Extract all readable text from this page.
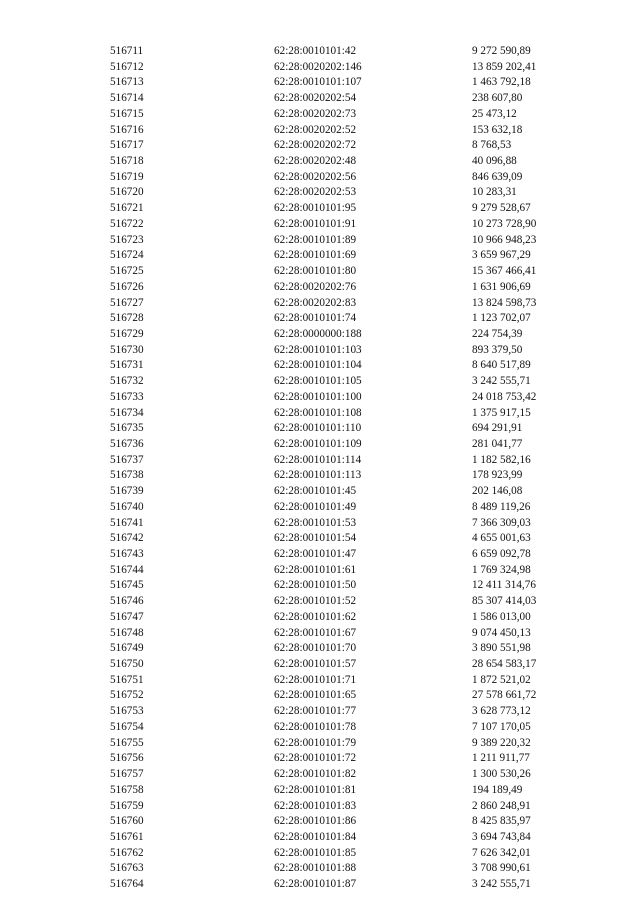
516711	62:28:0010101:42	9 272 590,89
516712	62:28:0020202:146	13 859 202,41
516713	62:28:0010101:107	1 463 792,18
516714	62:28:0020202:54	238 607,80
516715	62:28:0020202:73	25 473,12
516716	62:28:0020202:52	153 632,18
516717	62:28:0020202:72	8 768,53
516718	62:28:0020202:48	40 096,88
516719	62:28:0020202:56	846 639,09
516720	62:28:0020202:53	10 283,31
516721	62:28:0010101:95	9 279 528,67
516722	62:28:0010101:91	10 273 728,90
516723	62:28:0010101:89	10 966 948,23
516724	62:28:0010101:69	3 659 967,29
516725	62:28:0010101:80	15 367 466,41
516726	62:28:0020202:76	1 631 906,69
516727	62:28:0020202:83	13 824 598,73
516728	62:28:0010101:74	1 123 702,07
516729	62:28:0000000:188	224 754,39
516730	62:28:0010101:103	893 379,50
516731	62:28:0010101:104	8 640 517,89
516732	62:28:0010101:105	3 242 555,71
516733	62:28:0010101:100	24 018 753,42
516734	62:28:0010101:108	1 375 917,15
516735	62:28:0010101:110	694 291,91
516736	62:28:0010101:109	281 041,77
516737	62:28:0010101:114	1 182 582,16
516738	62:28:0010101:113	178 923,99
516739	62:28:0010101:45	202 146,08
516740	62:28:0010101:49	8 489 119,26
516741	62:28:0010101:53	7 366 309,03
516742	62:28:0010101:54	4 655 001,63
516743	62:28:0010101:47	6 659 092,78
516744	62:28:0010101:61	1 769 324,98
516745	62:28:0010101:50	12 411 314,76
516746	62:28:0010101:52	85 307 414,03
516747	62:28:0010101:62	1 586 013,00
516748	62:28:0010101:67	9 074 450,13
516749	62:28:0010101:70	3 890 551,98
516750	62:28:0010101:57	28 654 583,17
516751	62:28:0010101:71	1 872 521,02
516752	62:28:0010101:65	27 578 661,72
516753	62:28:0010101:77	3 628 773,12
516754	62:28:0010101:78	7 107 170,05
516755	62:28:0010101:79	9 389 220,32
516756	62:28:0010101:72	1 211 911,77
516757	62:28:0010101:82	1 300 530,26
516758	62:28:0010101:81	194 189,49
516759	62:28:0010101:83	2 860 248,91
516760	62:28:0010101:86	8 425 835,97
516761	62:28:0010101:84	3 694 743,84
516762	62:28:0010101:85	7 626 342,01
516763	62:28:0010101:88	3 708 990,61
516764	62:28:0010101:87	3 242 555,71
